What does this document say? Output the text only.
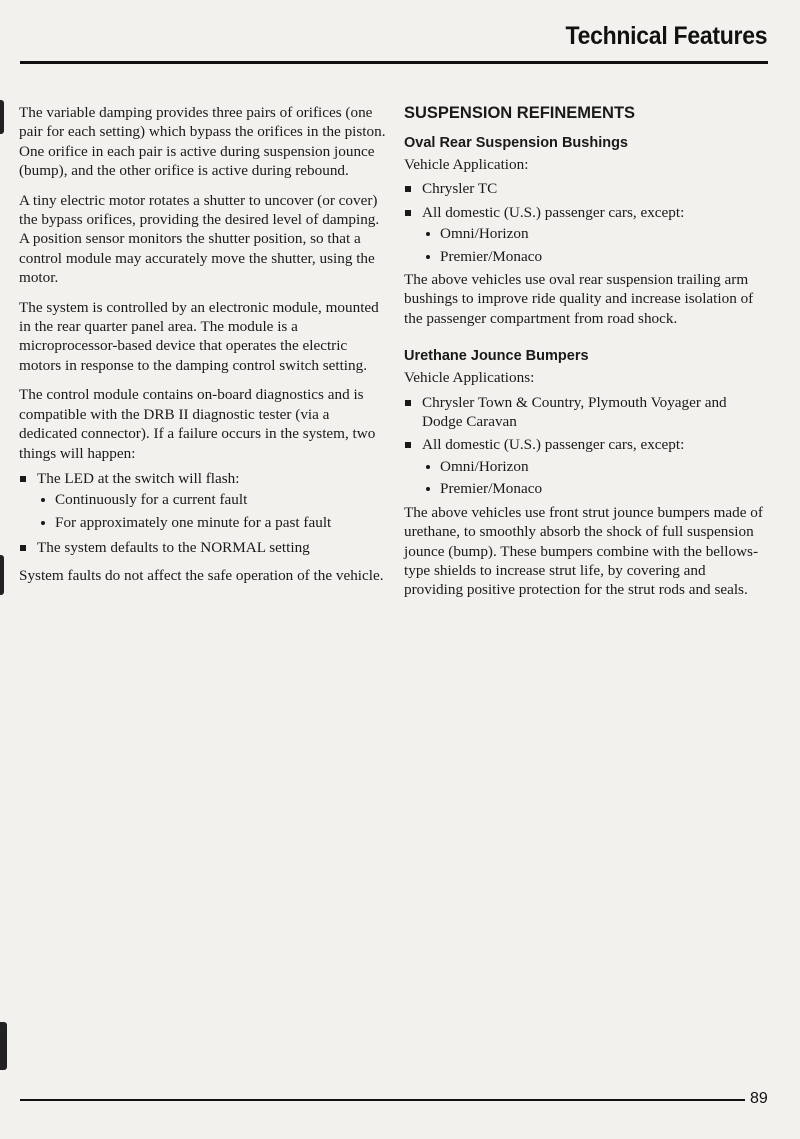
Technical Features

The variable damping provides three pairs of orifices (one pair for each setting) which bypass the orifices in the piston. One orifice in each pair is active during suspension jounce (bump), and the other orifice is active during rebound.

A tiny electric motor rotates a shutter to uncover (or cover) the bypass orifices, providing the desired level of damping. A position sensor monitors the shutter position, so that a control module may accurately move the shutter, using the motor.

The system is controlled by an electronic module, mounted in the rear quarter panel area. The module is a microprocessor-based device that operates the electric motors in response to the damping control switch setting.

The control module contains on-board diagnostics and is compatible with the DRB II diagnostic tester (via a dedicated connector). If a failure occurs in the system, two things will happen:

The LED at the switch will flash:
Continuously for a current fault
For approximately one minute for a past fault
The system defaults to the NORMAL setting

System faults do not affect the safe operation of the vehicle.

SUSPENSION REFINEMENTS
Oval Rear Suspension Bushings

Vehicle Application:

Chrysler TC
All domestic (U.S.) passenger cars, except:
Omni/Horizon
Premier/Monaco

The above vehicles use oval rear suspension trailing arm bushings to improve ride quality and increase isolation of the passenger compartment from road shock.

Urethane Jounce Bumpers

Vehicle Applications:

Chrysler Town & Country, Plymouth Voyager and Dodge Caravan
All domestic (U.S.) passenger cars, except:
Omni/Horizon
Premier/Monaco

The above vehicles use front strut jounce bumpers made of urethane, to smoothly absorb the shock of full suspension jounce (bump). These bumpers combine with the bellows-type shields to increase strut life, by covering and providing positive protection for the strut rods and seals.

89
